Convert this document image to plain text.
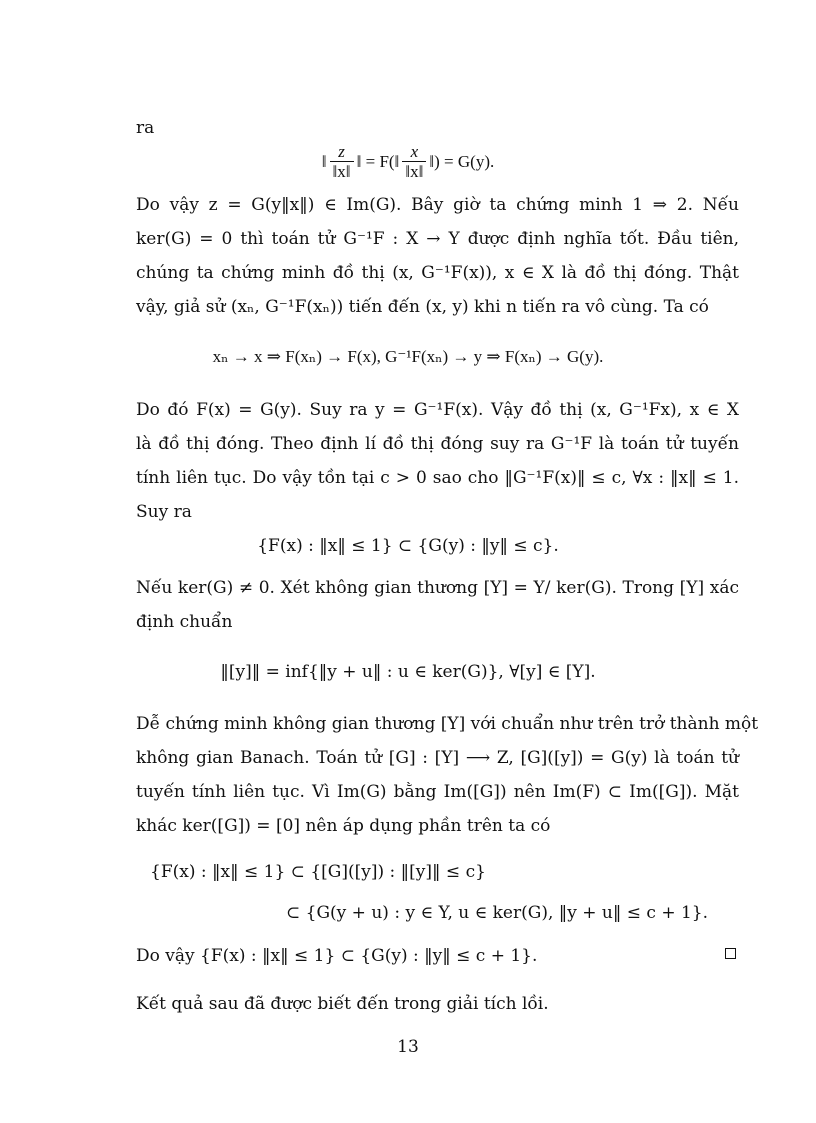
ra
‖ $\frac{z}{‖x‖}$ ‖ = F(‖ $\frac{x}{‖x‖}$ ‖) = G(y).
Do vậy z = G(y‖x‖) ∈ Im(G). Bây giờ ta chứng minh 1 ⇒ 2. Nếu
ker(G) = 0 thì toán tử G⁻¹F : X → Y được định nghĩa tốt. Đầu tiên,
chúng ta chứng minh đồ thị (x, G⁻¹F(x)), x ∈ X là đồ thị đóng. Thật
vậy, giả sử (xₙ, G⁻¹F(xₙ)) tiến đến (x, y) khi n tiến ra vô cùng. Ta có
xₙ → x ⇒ F(xₙ) → F(x), G⁻¹F(xₙ) → y ⇒ F(xₙ) → G(y).
Do đó F(x) = G(y). Suy ra y = G⁻¹F(x). Vậy đồ thị (x, G⁻¹Fx), x ∈ X
là đồ thị đóng. Theo định lí đồ thị đóng suy ra G⁻¹F là toán tử tuyến
tính liên tục. Do vậy tồn tại c > 0 sao cho ‖G⁻¹F(x)‖ ≤ c, ∀x : ‖x‖ ≤ 1.
Suy ra
{F(x) : ‖x‖ ≤ 1} ⊂ {G(y) : ‖y‖ ≤ c}.
Nếu ker(G) ≠ 0. Xét không gian thương [Y] = Y/ ker(G). Trong [Y] xác
định chuẩn
‖[y]‖ = inf{‖y + u‖ : u ∈ ker(G)}, ∀[y] ∈ [Y].
Dễ chứng minh không gian thương [Y] với chuẩn như trên trở thành một
không gian Banach. Toán tử [G] : [Y] ⟶ Z, [G]([y]) = G(y) là toán tử
tuyến tính liên tục. Vì Im(G) bằng Im([G]) nên Im(F) ⊂ Im([G]). Mặt
khác ker([G]) = [0] nên áp dụng phần trên ta có
{F(x) : ‖x‖ ≤ 1} ⊂ {[G]([y]) : ‖[y]‖ ≤ c}
⊂ {G(y + u) : y ∈ Y, u ∈ ker(G), ‖y + u‖ ≤ c + 1}.
Do vậy {F(x) : ‖x‖ ≤ 1} ⊂ {G(y) : ‖y‖ ≤ c + 1}.
Kết quả sau đã được biết đến trong giải tích lồi.
13
